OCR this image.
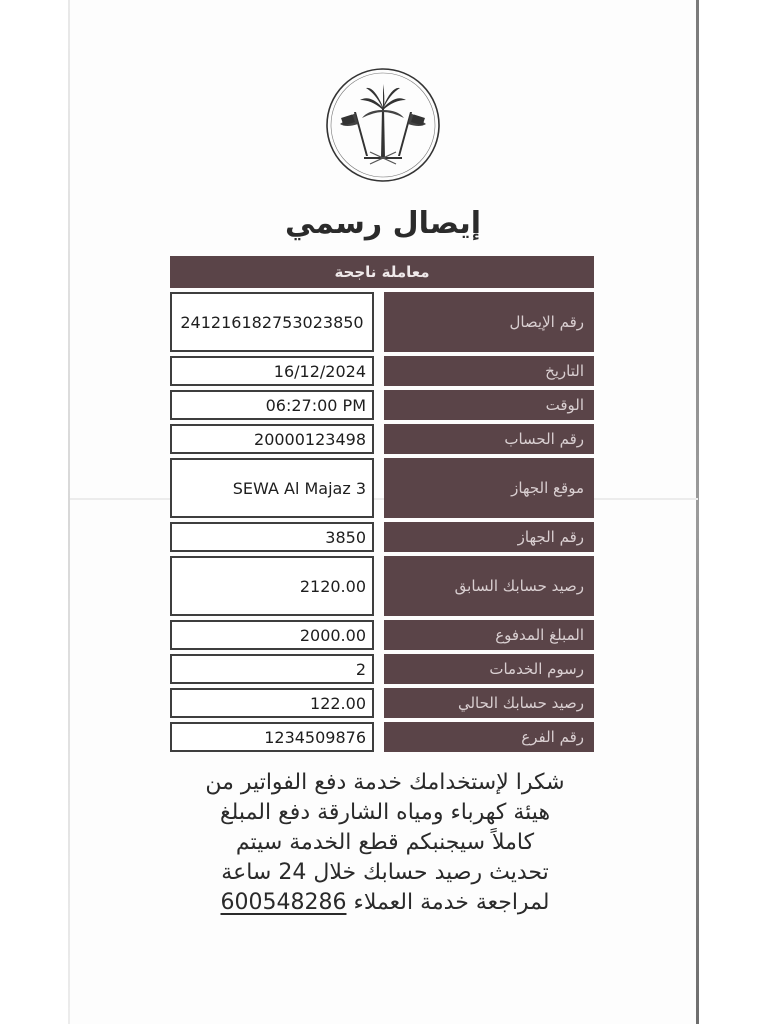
إيصال رسمي
معاملة ناجحة
241216182753023850	رقم الإيصال
16/12/2024	التاريخ
06:27:00 PM	الوقت
20000123498	رقم الحساب
SEWA Al Majaz 3	موقع الجهاز
3850	رقم الجهاز
2120.00	رصيد حسابك السابق
2000.00	المبلغ المدفوع
2	رسوم الخدمات
122.00	رصيد حسابك الحالي
1234509876	رقم الفرع

شكرا لإستخدامك خدمة دفع الفواتير من

هيئة كهرباء ومياه الشارقة دفع المبلغ

كاملاً سيجنبكم قطع الخدمة سيتم

تحديث رصيد حسابك خلال 24 ساعة

لمراجعة خدمة العملاء 600548286
